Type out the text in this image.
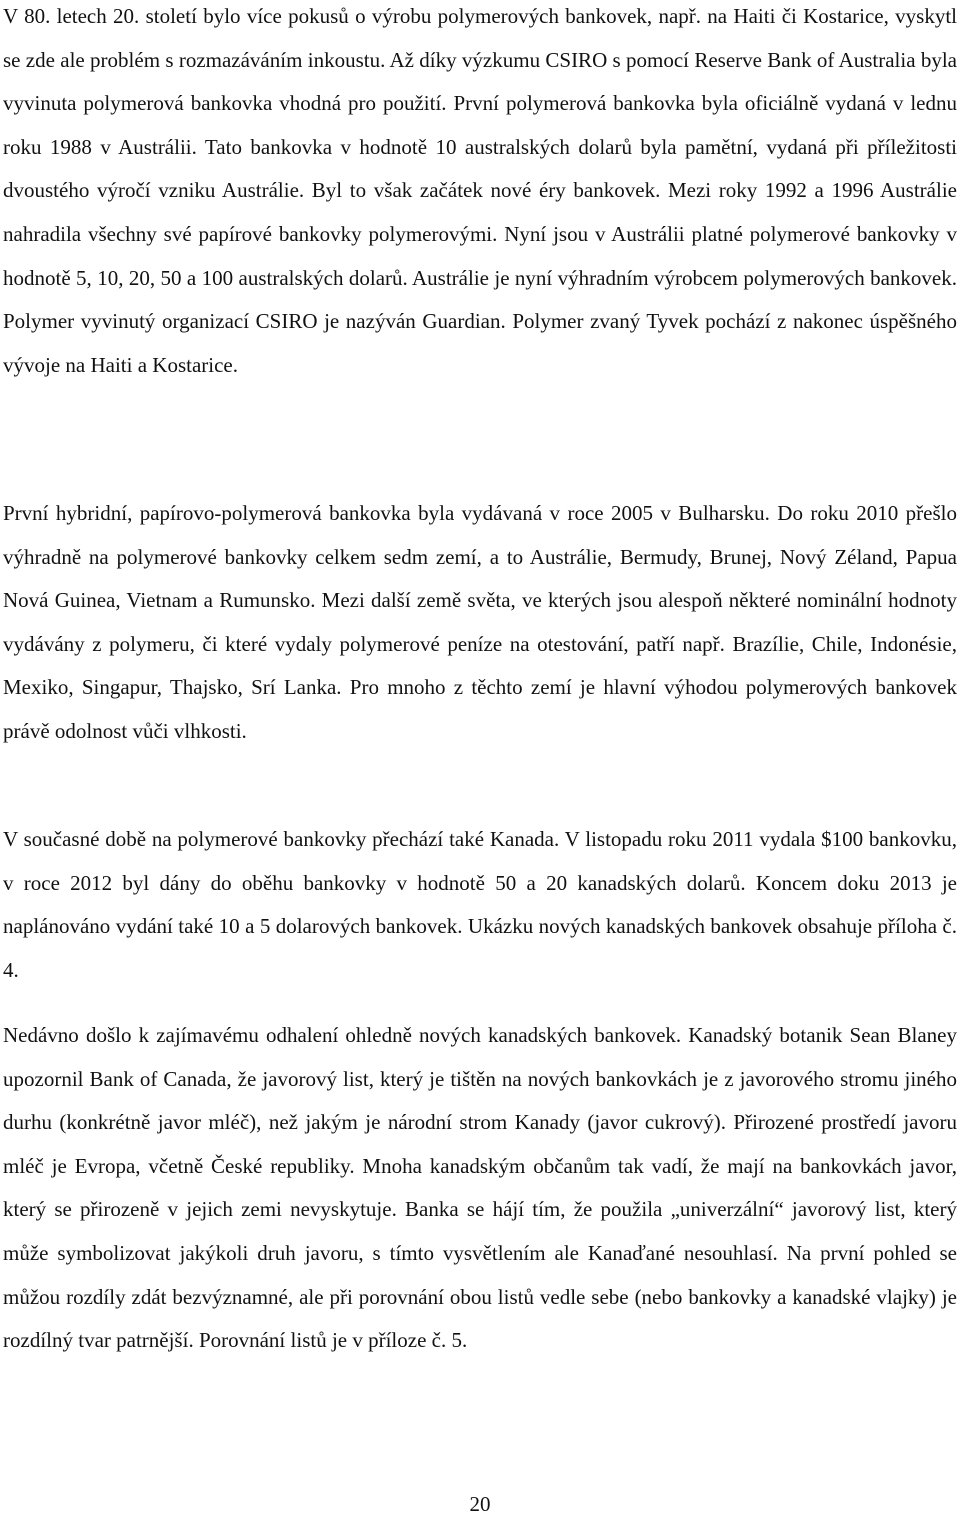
V 80. letech 20. století bylo více pokusů o výrobu polymerových bankovek, např. na Haiti či Kostarice, vyskytl se zde ale problém s rozmazáváním inkoustu. Až díky výzkumu CSIRO s pomocí Reserve Bank of Australia byla vyvinuta polymerová bankovka vhodná pro použití. První polymerová bankovka byla oficiálně vydaná v lednu roku 1988 v Austrálii. Tato bankovka v hodnotě 10 australských dolarů byla pamětní, vydaná při příležitosti dvoustého výročí vzniku Austrálie. Byl to však začátek nové éry bankovek. Mezi roky 1992 a 1996 Austrálie nahradila všechny své papírové bankovky polymerovými. Nyní jsou v Austrálii platné polymerové bankovky v hodnotě 5, 10, 20, 50 a 100 australských dolarů. Austrálie je nyní výhradním výrobcem polymerových bankovek. Polymer vyvinutý organizací CSIRO je nazýván Guardian. Polymer zvaný Tyvek pochází z nakonec úspěšného vývoje na Haiti a Kostarice.

První hybridní, papírovo-polymerová bankovka byla vydávaná v roce 2005 v Bulharsku. Do roku 2010 přešlo výhradně na polymerové bankovky celkem sedm zemí, a to Austrálie, Bermudy, Brunej, Nový Zéland, Papua Nová Guinea, Vietnam a Rumunsko. Mezi další země světa, ve kterých jsou alespoň některé nominální hodnoty vydávány z polymeru, či které vydaly polymerové peníze na otestování, patří např. Brazílie, Chile, Indonésie, Mexiko, Singapur, Thajsko, Srí Lanka. Pro mnoho z těchto zemí je hlavní výhodou polymerových bankovek právě odolnost vůči vlhkosti.

V současné době na polymerové bankovky přechází také Kanada. V listopadu roku 2011 vydala $100 bankovku, v roce 2012 byl dány do oběhu bankovky v hodnotě 50 a 20 kanadských dolarů. Koncem doku 2013 je naplánováno vydání také 10 a 5 dolarových bankovek. Ukázku nových kanadských bankovek obsahuje příloha č. 4.

Nedávno došlo k zajímavému odhalení ohledně nových kanadských bankovek. Kanadský botanik Sean Blaney upozornil Bank of Canada, že javorový list, který je tištěn na nových bankovkách je z javorového stromu jiného durhu (konkrétně javor mléč), než jakým je národní strom Kanady (javor cukrový). Přirozené prostředí javoru mléč je Evropa, včetně České republiky. Mnoha kanadským občanům tak vadí, že mají na bankovkách javor, který se přirozeně v jejich zemi nevyskytuje. Banka se hájí tím, že použila „univerzální“ javorový list, který může symbolizovat jakýkoli druh javoru, s tímto vysvětlením ale Kanaďané nesouhlasí. Na první pohled se můžou rozdíly zdát bezvýznamné, ale při porovnání obou listů vedle sebe (nebo bankovky a kanadské vlajky) je rozdílný tvar patrnější. Porovnání listů je v příloze č. 5.

20
